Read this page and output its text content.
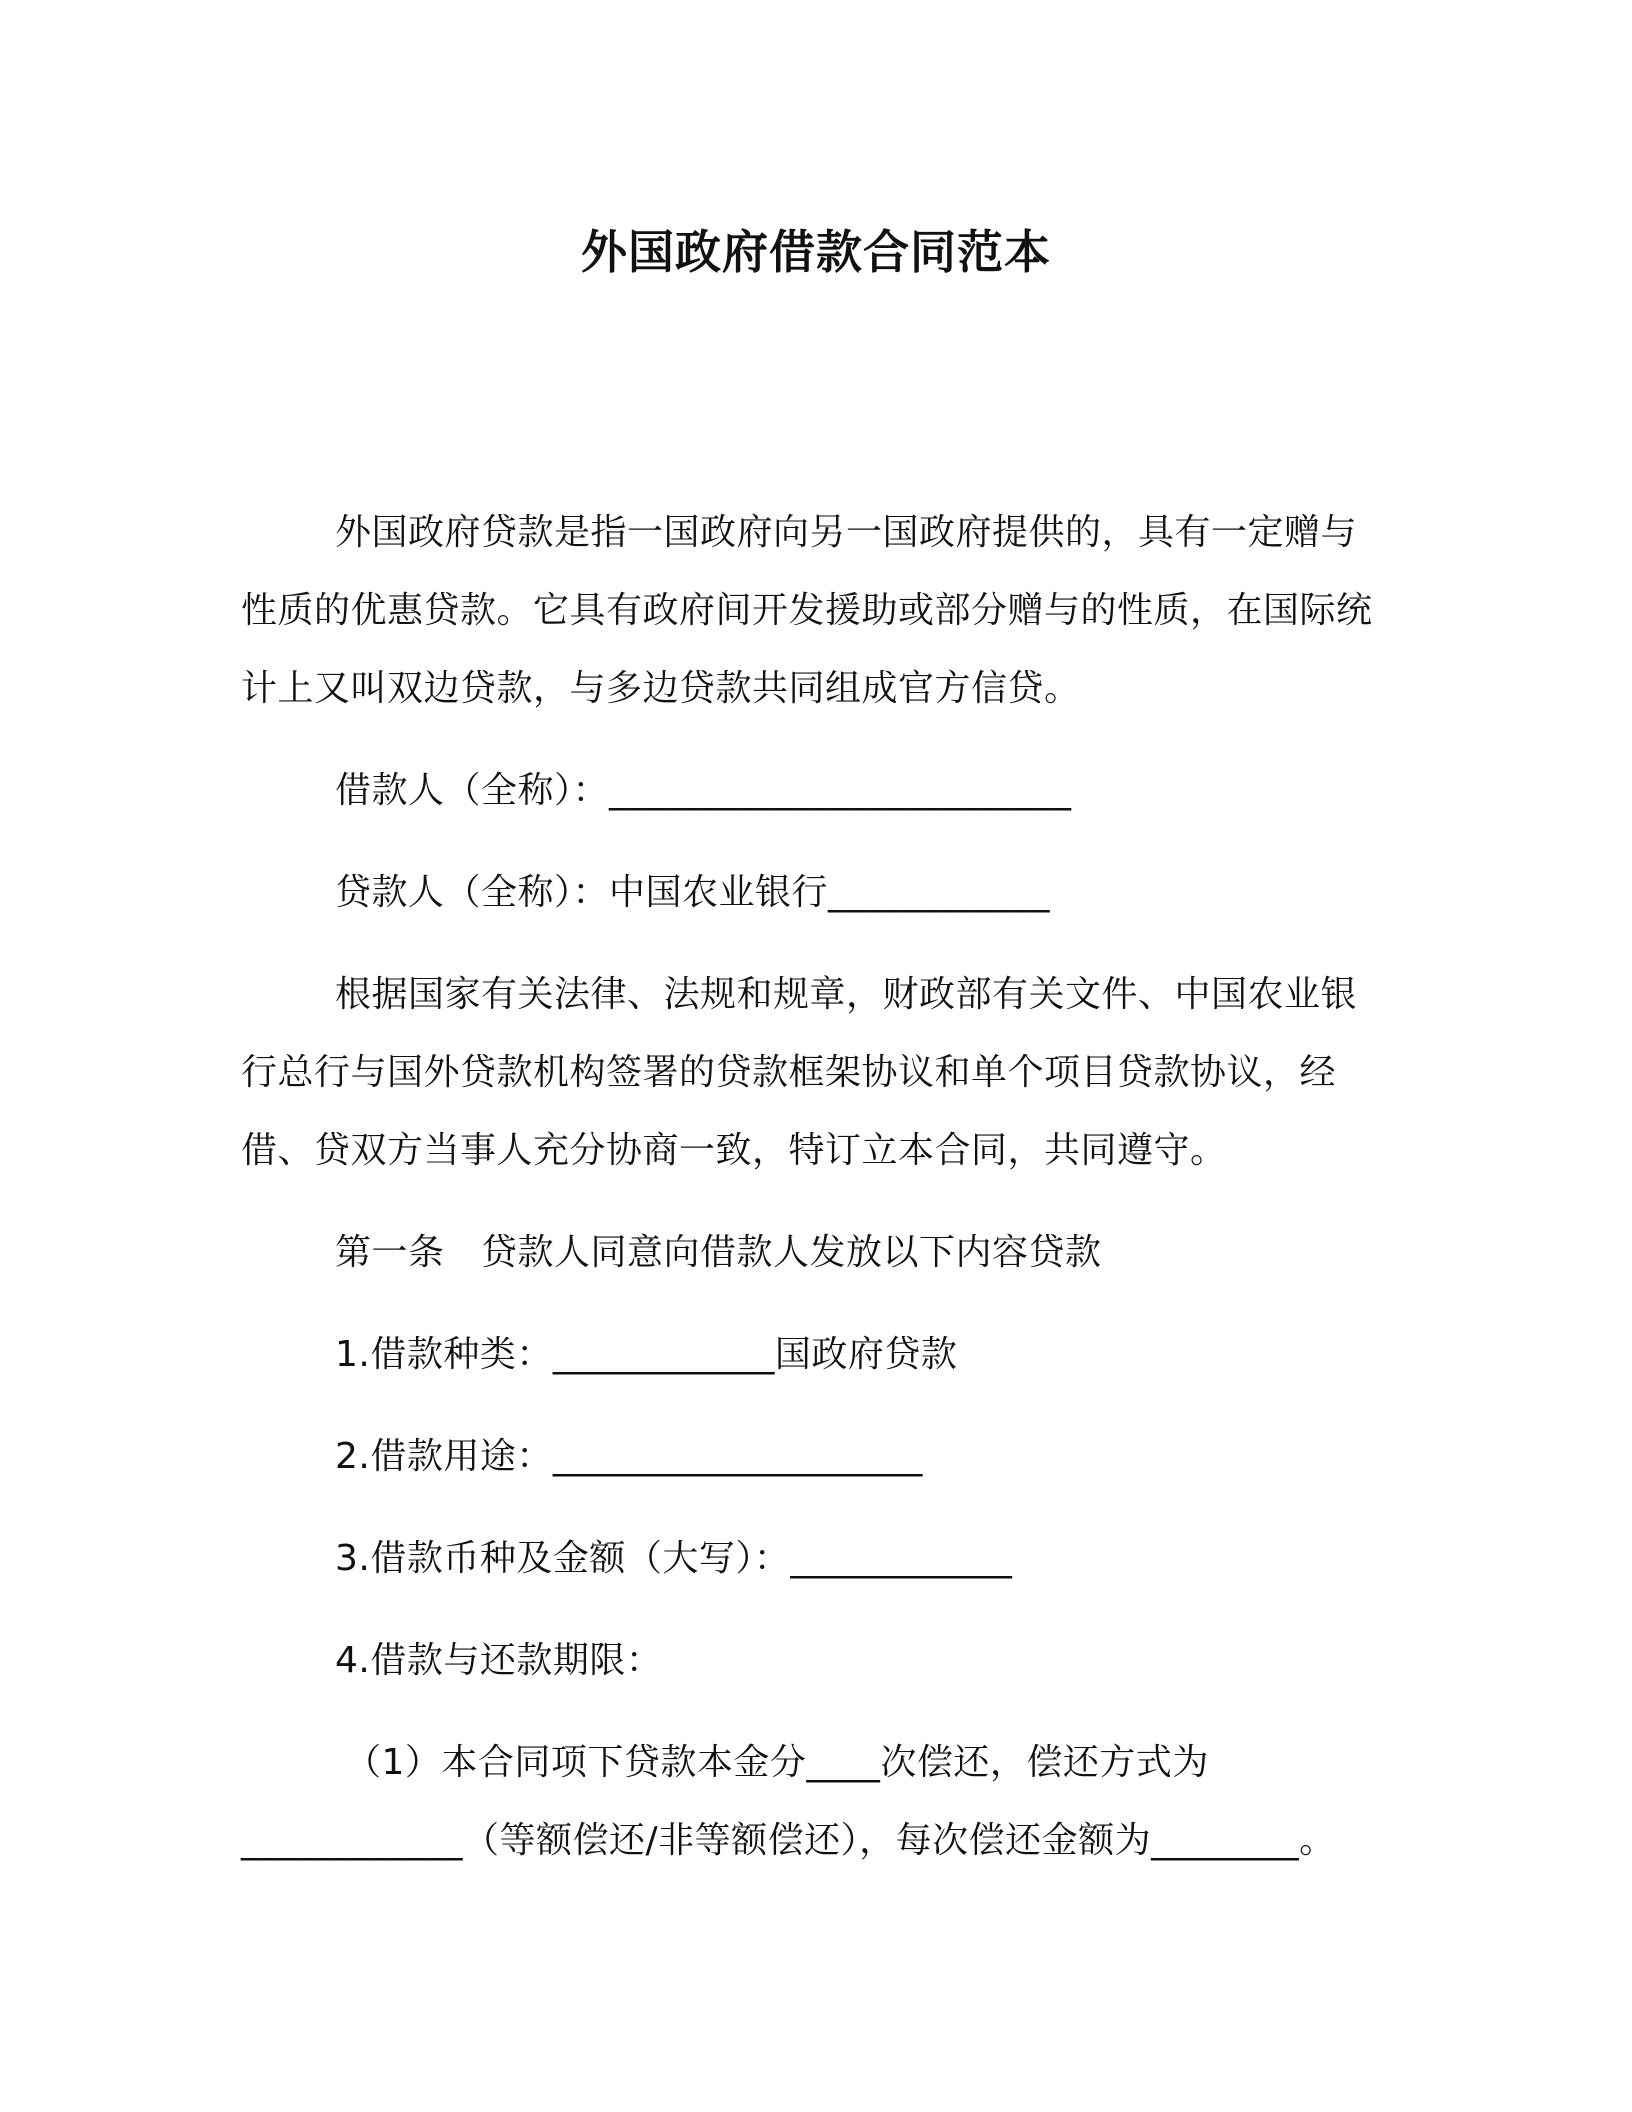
外国政府借款合同范本

外国政府贷款是指一国政府向另一国政府提供的，具有一定赠与性质的优惠贷款。它具有政府间开发援助或部分赠与的性质，在国际统计上又叫双边贷款，与多边贷款共同组成官方信贷。

借款人（全称）：_________________________

贷款人（全称）：中国农业银行____________

根据国家有关法律、法规和规章，财政部有关文件、中国农业银行总行与国外贷款机构签署的贷款框架协议和单个项目贷款协议，经借、贷双方当事人充分协商一致，特订立本合同，共同遵守。

第一条　贷款人同意向借款人发放以下内容贷款

1.借款种类：____________国政府贷款

2.借款用途：____________________

3.借款币种及金额（大写）：____________

4.借款与还款期限：

（1）本合同项下贷款本金分____次偿还，偿还方式为

____________（等额偿还/非等额偿还），每次偿还金额为________。
